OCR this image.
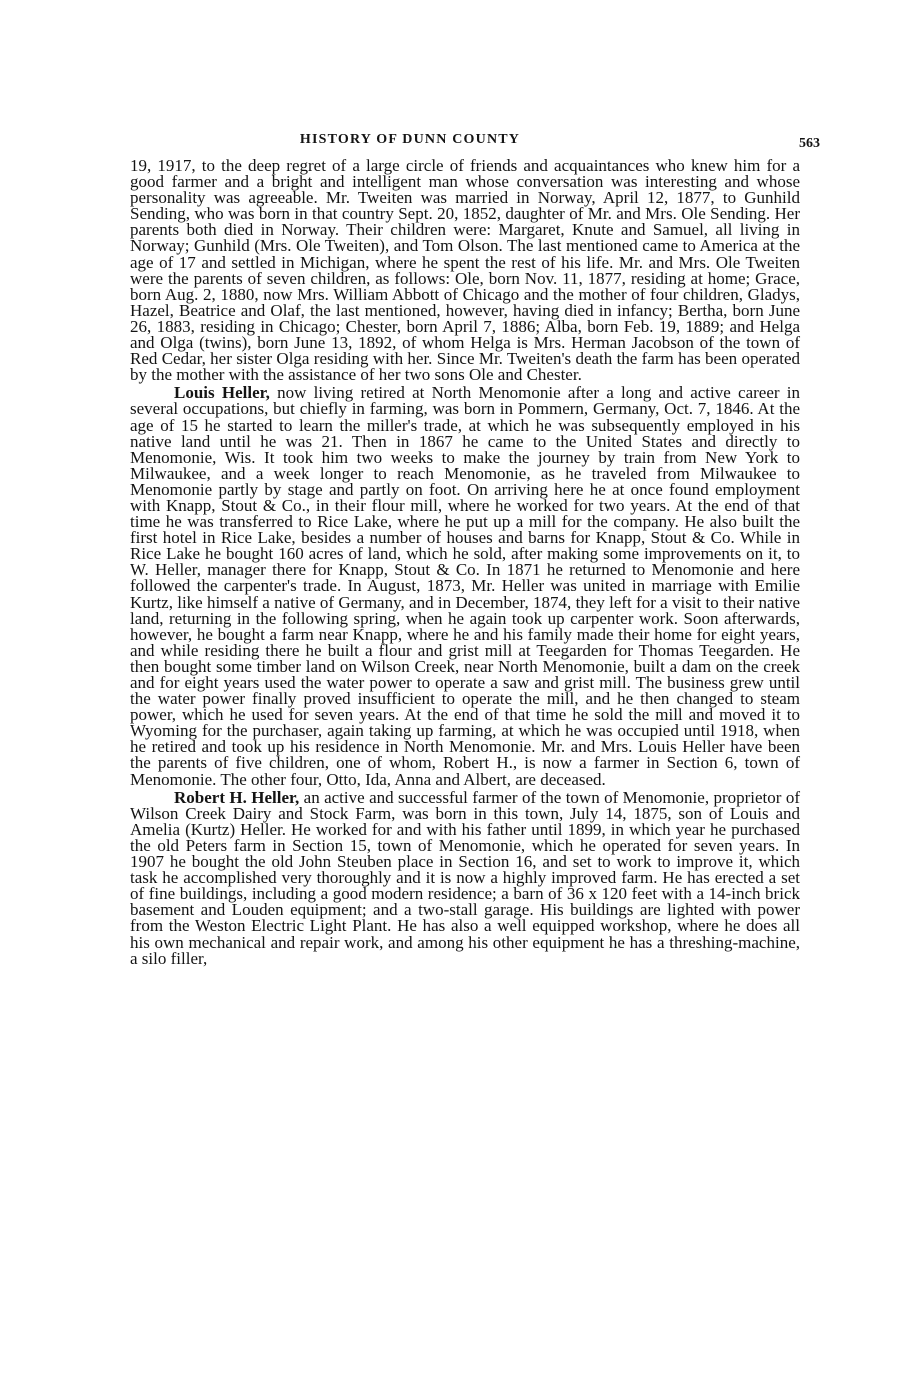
HISTORY OF DUNN COUNTY	563

19, 1917, to the deep regret of a large circle of friends and acquaintances who knew him for a good farmer and a bright and intelligent man whose conversation was interesting and whose personality was agreeable. Mr. Tweiten was married in Norway, April 12, 1877, to Gunhild Sending, who was born in that country Sept. 20, 1852, daughter of Mr. and Mrs. Ole Sending. Her parents both died in Norway. Their children were: Margaret, Knute and Samuel, all living in Norway; Gunhild (Mrs. Ole Tweiten), and Tom Olson. The last mentioned came to America at the age of 17 and settled in Michigan, where he spent the rest of his life. Mr. and Mrs. Ole Tweiten were the parents of seven children, as follows: Ole, born Nov. 11, 1877, residing at home; Grace, born Aug. 2, 1880, now Mrs. William Abbott of Chicago and the mother of four children, Gladys, Hazel, Beatrice and Olaf, the last mentioned, however, having died in infancy; Bertha, born June 26, 1883, residing in Chicago; Chester, born April 7, 1886; Alba, born Feb. 19, 1889; and Helga and Olga (twins), born June 13, 1892, of whom Helga is Mrs. Herman Jacobson of the town of Red Cedar, her sister Olga residing with her. Since Mr. Tweiten's death the farm has been operated by the mother with the assistance of her two sons Ole and Chester.

Louis Heller, now living retired at North Menomonie after a long and active career in several occupations, but chiefly in farming, was born in Pommern, Germany, Oct. 7, 1846. At the age of 15 he started to learn the miller's trade, at which he was subsequently employed in his native land until he was 21. Then in 1867 he came to the United States and directly to Menomonie, Wis. It took him two weeks to make the journey by train from New York to Milwaukee, and a week longer to reach Menomonie, as he traveled from Milwaukee to Menomonie partly by stage and partly on foot. On arriving here he at once found employment with Knapp, Stout & Co., in their flour mill, where he worked for two years. At the end of that time he was transferred to Rice Lake, where he put up a mill for the company. He also built the first hotel in Rice Lake, besides a number of houses and barns for Knapp, Stout & Co. While in Rice Lake he bought 160 acres of land, which he sold, after making some improvements on it, to W. Heller, manager there for Knapp, Stout & Co. In 1871 he returned to Menomonie and here followed the carpenter's trade. In August, 1873, Mr. Heller was united in marriage with Emilie Kurtz, like himself a native of Germany, and in December, 1874, they left for a visit to their native land, returning in the following spring, when he again took up carpenter work. Soon afterwards, however, he bought a farm near Knapp, where he and his family made their home for eight years, and while residing there he built a flour and grist mill at Teegarden for Thomas Teegarden. He then bought some timber land on Wilson Creek, near North Menomonie, built a dam on the creek and for eight years used the water power to operate a saw and grist mill. The business grew until the water power finally proved insufficient to operate the mill, and he then changed to steam power, which he used for seven years. At the end of that time he sold the mill and moved it to Wyoming for the purchaser, again taking up farming, at which he was occupied until 1918, when he retired and took up his residence in North Menomonie. Mr. and Mrs. Louis Heller have been the parents of five children, one of whom, Robert H., is now a farmer in Section 6, town of Menomonie. The other four, Otto, Ida, Anna and Albert, are deceased.

Robert H. Heller, an active and successful farmer of the town of Menomonie, proprietor of Wilson Creek Dairy and Stock Farm, was born in this town, July 14, 1875, son of Louis and Amelia (Kurtz) Heller. He worked for and with his father until 1899, in which year he purchased the old Peters farm in Section 15, town of Menomonie, which he operated for seven years. In 1907 he bought the old John Steuben place in Section 16, and set to work to improve it, which task he accomplished very thoroughly and it is now a highly improved farm. He has erected a set of fine buildings, including a good modern residence; a barn of 36 x 120 feet with a 14-inch brick basement and Louden equipment; and a two-stall garage. His buildings are lighted with power from the Weston Electric Light Plant. He has also a well equipped workshop, where he does all his own mechanical and repair work, and among his other equipment he has a threshing-machine, a silo filler,
